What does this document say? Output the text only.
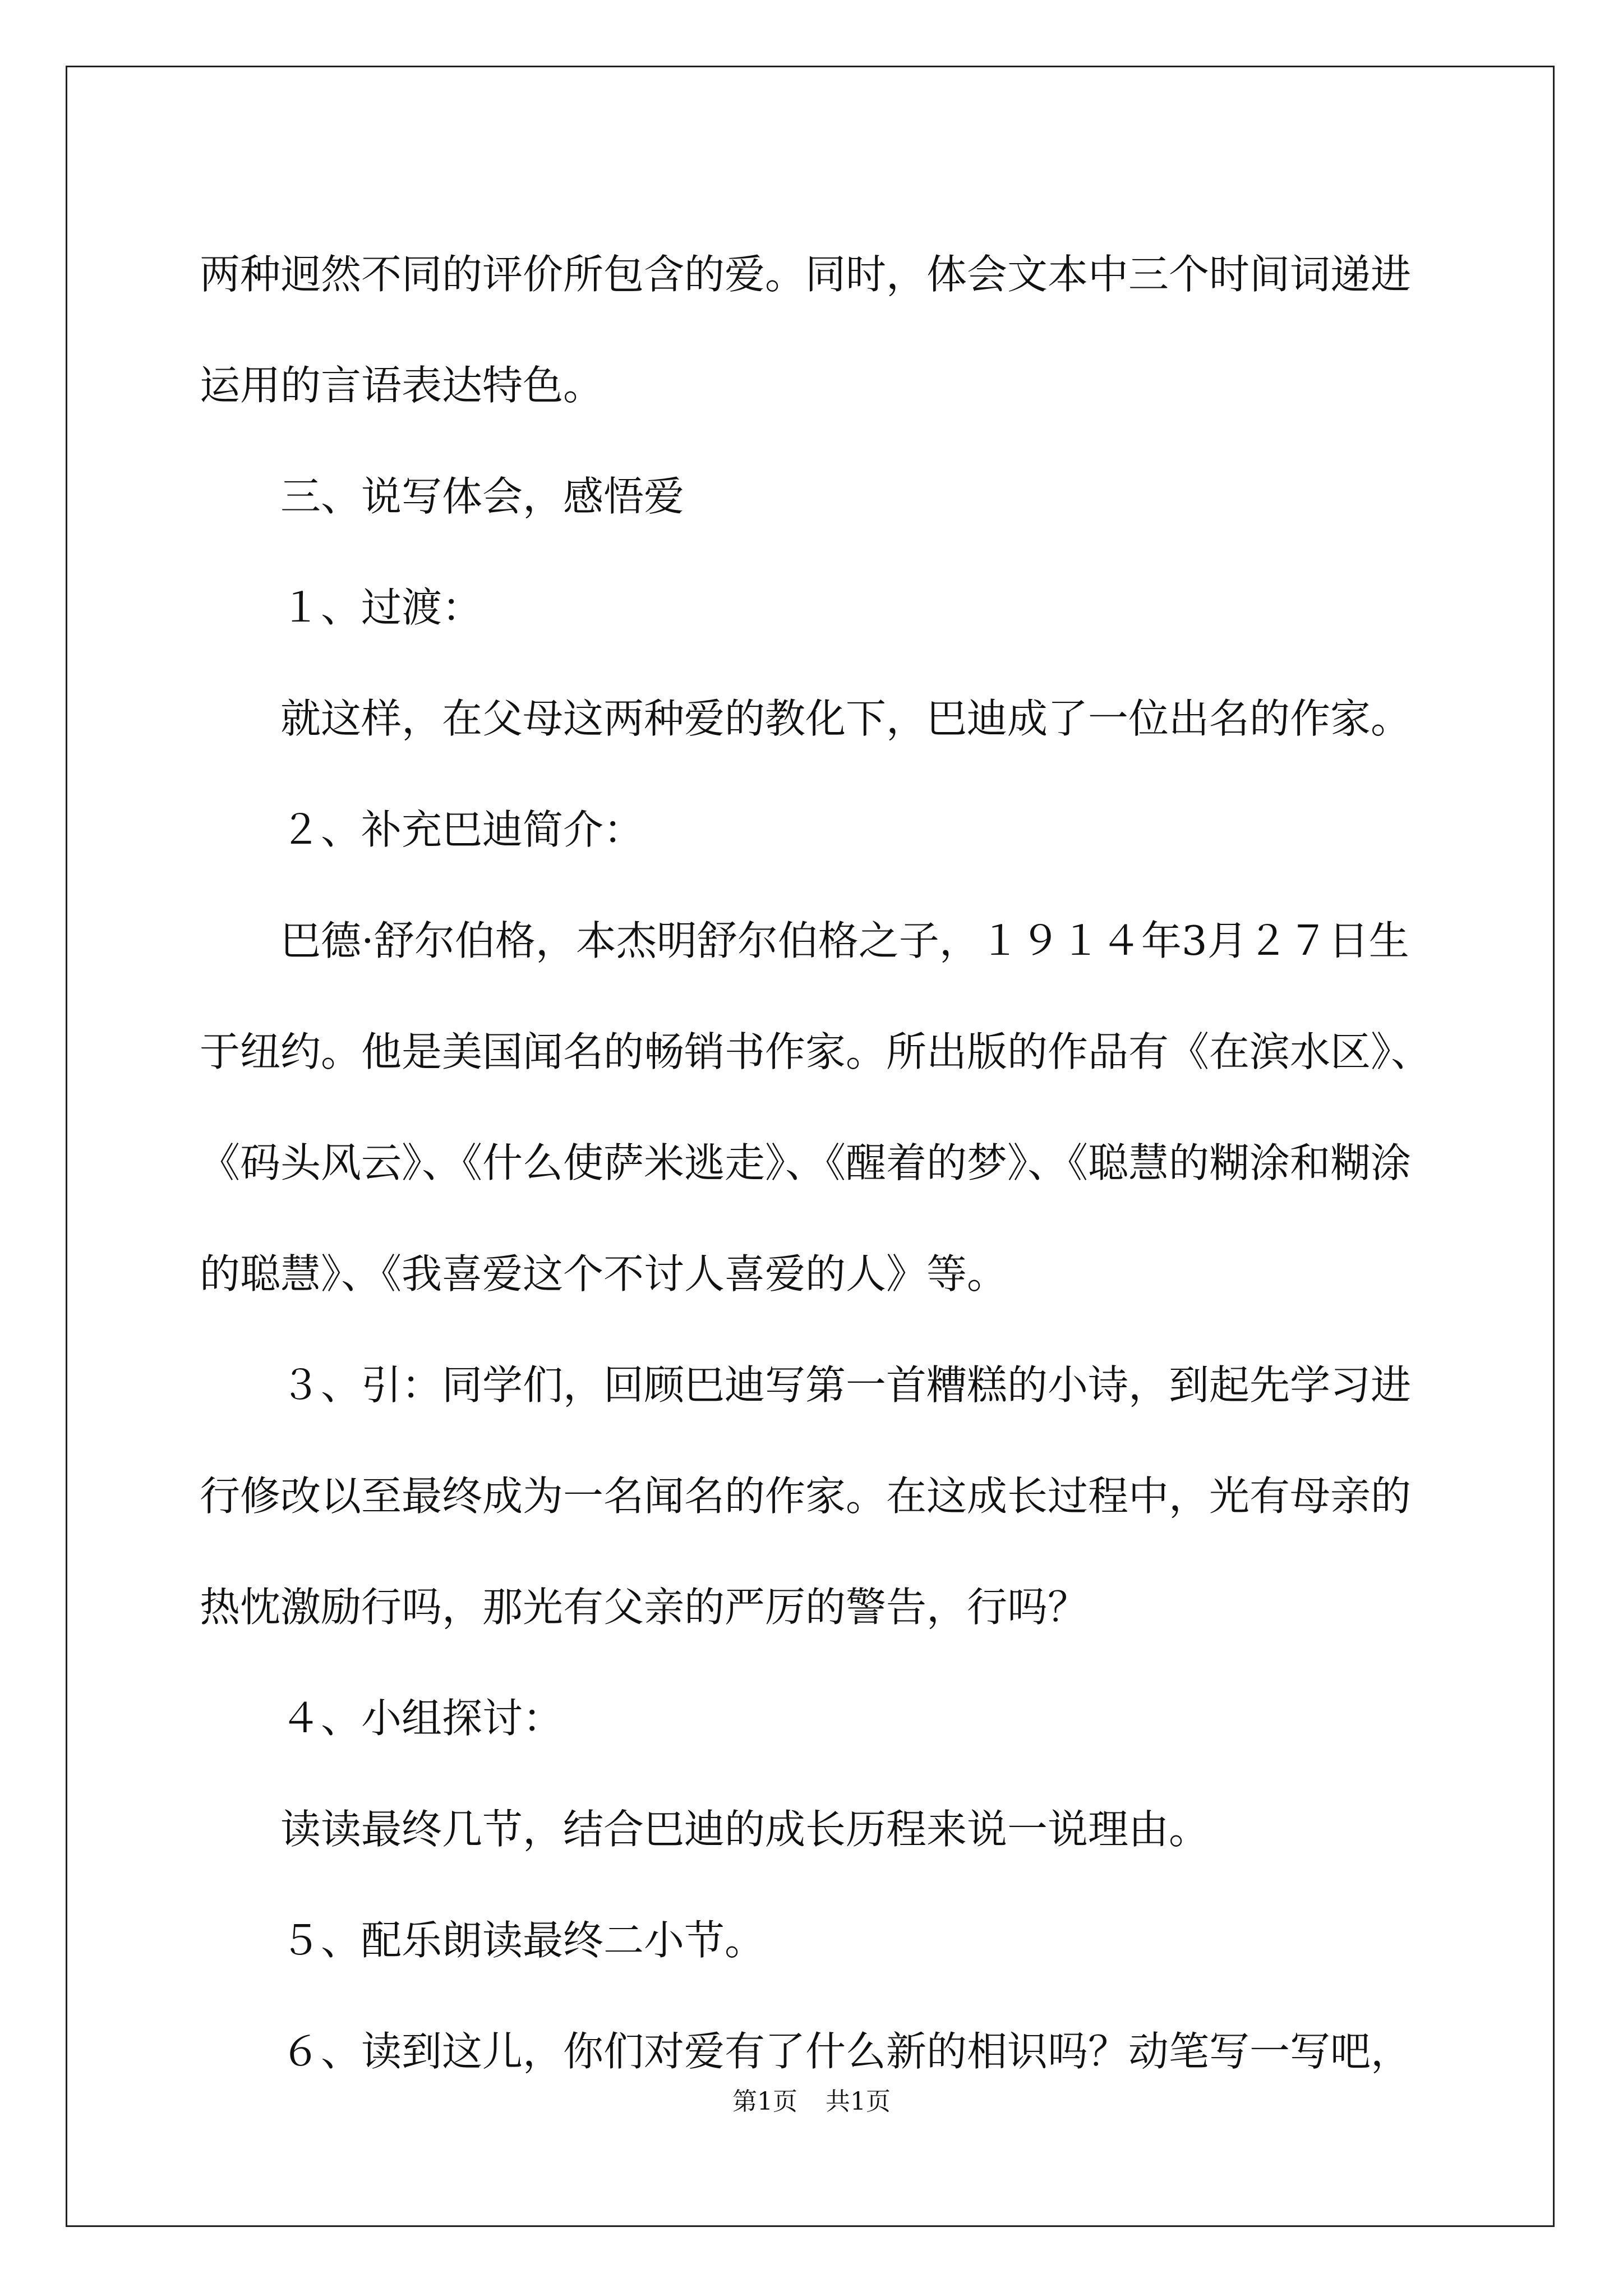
两种迥然不同的评价所包含的爱。同时，体会文本中三个时间词递进

运用的言语表达特色。

三、说写体会，感悟爱

１、过渡：

就这样，在父母这两种爱的教化下，巴迪成了一位出名的作家。

２、补充巴迪简介：

巴德·舒尔伯格，本杰明舒尔伯格之子，１９１４年3月２７日生

于纽约。他是美国闻名的畅销书作家。所出版的作品有《在滨水区》、

《码头风云》、《什么使萨米逃走》、《醒着的梦》、《聪慧的糊涂和糊涂

的聪慧》、《我喜爱这个不讨人喜爱的人》等。

３、引：同学们，回顾巴迪写第一首糟糕的小诗，到起先学习进

行修改以至最终成为一名闻名的作家。在这成长过程中，光有母亲的

热忱激励行吗，那光有父亲的严厉的警告，行吗？

４、小组探讨：

读读最终几节，结合巴迪的成长历程来说一说理由。

５、配乐朗读最终二小节。

６、读到这儿，你们对爱有了什么新的相识吗？动笔写一写吧，

第1页 共1页
